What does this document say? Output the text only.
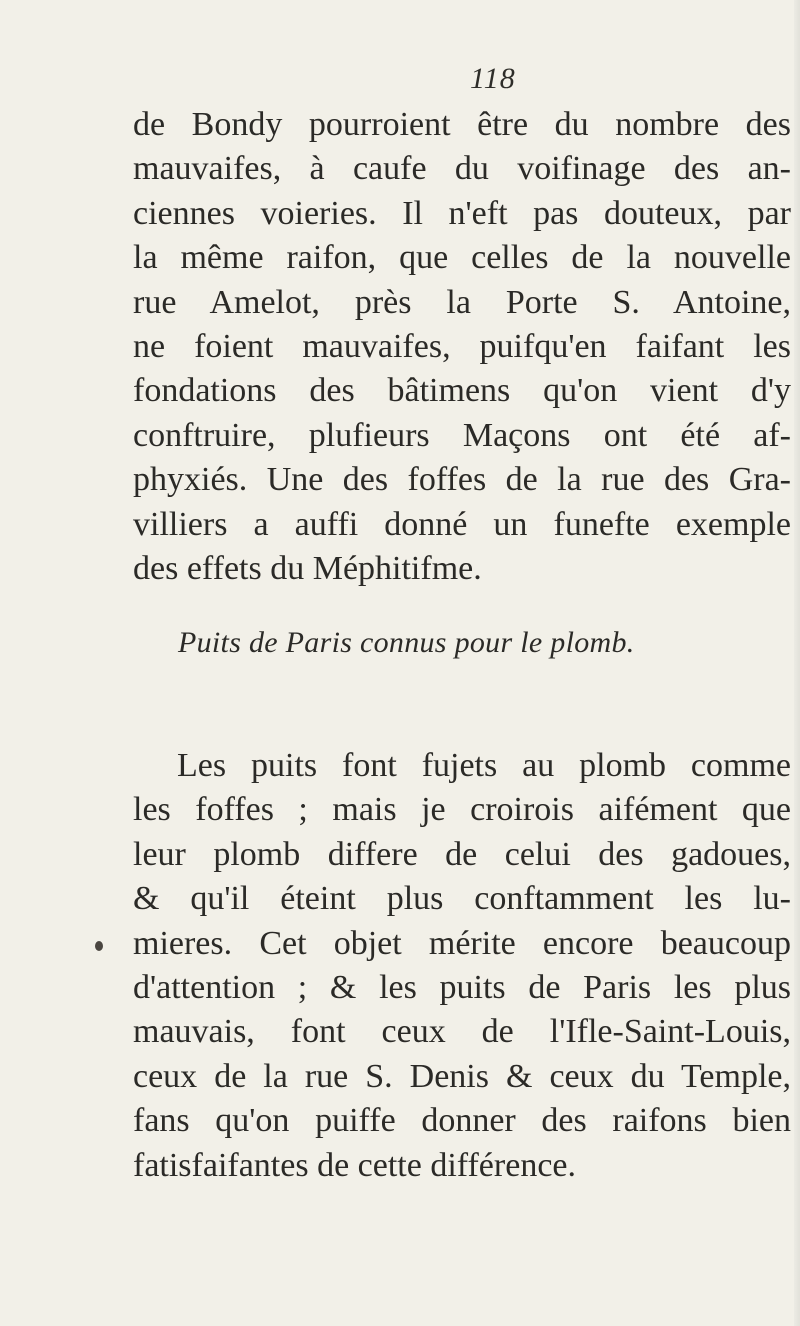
118
de Bondy pourroient être du nombre des
mauvaifes, à caufe du voifinage des an-
ciennes voieries. Il n'eft pas douteux, par
la même raifon, que celles de la nouvelle
rue Amelot, près la Porte S. Antoine,
ne foient mauvaifes, puifqu'en faifant les
fondations des bâtimens qu'on vient d'y
conftruire, plufieurs Maçons ont été af-
phyxiés. Une des foffes de la rue des Gra-
villiers a auffi donné un funefte exemple
des effets du Méphitifme.
Puits de Paris connus pour le plomb.
Les puits font fujets au plomb comme
les foffes ; mais je croirois aifément que
leur plomb differe de celui des gadoues,
& qu'il éteint plus conftamment les lu-
mieres. Cet objet mérite encore beaucoup
d'attention ; & les puits de Paris les plus
mauvais, font ceux de l'Ifle-Saint-Louis,
ceux de la rue S. Denis & ceux du Temple,
fans qu'on puiffe donner des raifons bien
fatisfaifantes de cette différence.
